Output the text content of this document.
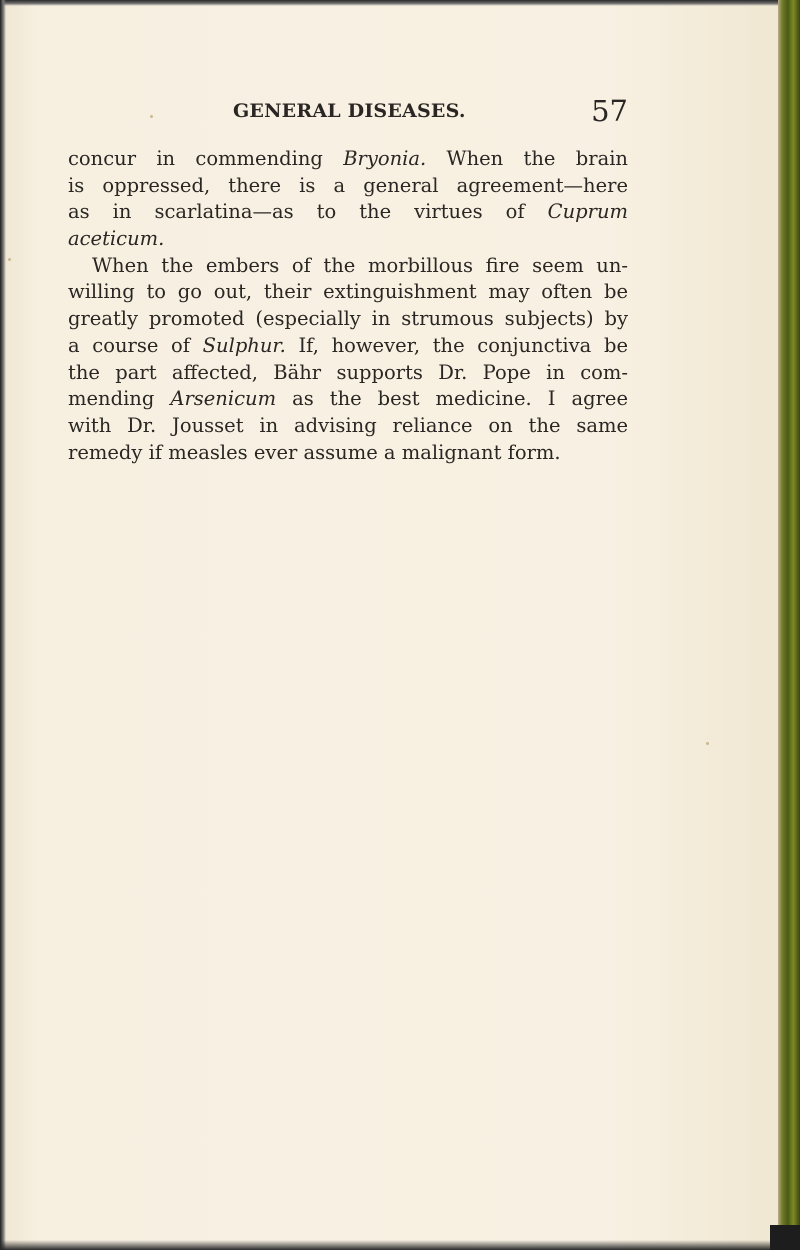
GENERAL DISEASES.	57
concur in commending Bryonia. When the brain
is oppressed, there is a general agreement—here
as in scarlatina—as to the virtues of Cuprum
aceticum.
When the embers of the morbillous fire seem un-
willing to go out, their extinguishment may often be
greatly promoted (especially in strumous subjects) by
a course of Sulphur. If, however, the conjunctiva be
the part affected, Bähr supports Dr. Pope in com-
mending Arsenicum as the best medicine. I agree
with Dr. Jousset in advising reliance on the same
remedy if measles ever assume a malignant form.
